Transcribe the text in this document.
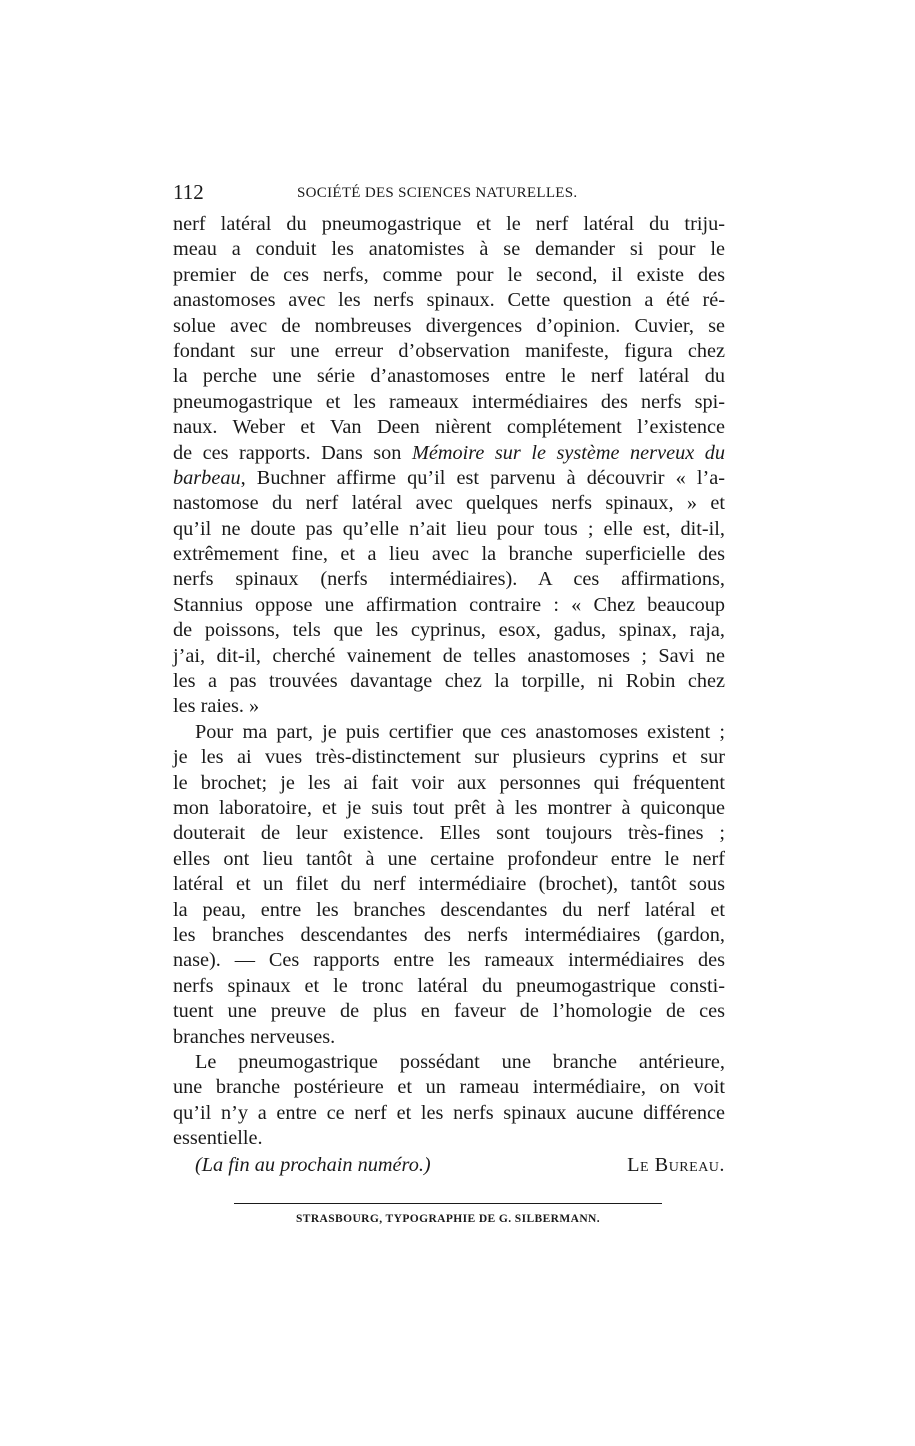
112	SOCIÉTÉ DES SCIENCES NATURELLES.
nerf latéral du pneumogastrique et le nerf latéral du triju-
meau a conduit les anatomistes à se demander si pour le
premier de ces nerfs, comme pour le second, il existe des
anastomoses avec les nerfs spinaux. Cette question a été ré-
solue avec de nombreuses divergences d’opinion. Cuvier, se
fondant sur une erreur d’observation manifeste, figura chez
la perche une série d’anastomoses entre le nerf latéral du
pneumogastrique et les rameaux intermédiaires des nerfs spi-
naux. Weber et Van Deen nièrent complétement l’existence
de ces rapports. Dans son Mémoire sur le système nerveux du
barbeau, Buchner affirme qu’il est parvenu à découvrir « l’a-
nastomose du nerf latéral avec quelques nerfs spinaux, » et
qu’il ne doute pas qu’elle n’ait lieu pour tous ; elle est, dit-il,
extrêmement fine, et a lieu avec la branche superficielle des
nerfs spinaux (nerfs intermédiaires). A ces affirmations,
Stannius oppose une affirmation contraire : « Chez beaucoup
de poissons, tels que les cyprinus, esox, gadus, spinax, raja,
j’ai, dit-il, cherché vainement de telles anastomoses ; Savi ne
les a pas trouvées davantage chez la torpille, ni Robin chez
les raies. »
Pour ma part, je puis certifier que ces anastomoses existent ;
je les ai vues très-distinctement sur plusieurs cyprins et sur
le brochet; je les ai fait voir aux personnes qui fréquentent
mon laboratoire, et je suis tout prêt à les montrer à quiconque
douterait de leur existence. Elles sont toujours très-fines ;
elles ont lieu tantôt à une certaine profondeur entre le nerf
latéral et un filet du nerf intermédiaire (brochet), tantôt sous
la peau, entre les branches descendantes du nerf latéral et
les branches descendantes des nerfs intermédiaires (gardon,
nase). — Ces rapports entre les rameaux intermédiaires des
nerfs spinaux et le tronc latéral du pneumogastrique consti-
tuent une preuve de plus en faveur de l’homologie de ces
branches nerveuses.
Le pneumogastrique possédant une branche antérieure,
une branche postérieure et un rameau intermédiaire, on voit
qu’il n’y a entre ce nerf et les nerfs spinaux aucune différence
essentielle.
(La fin au prochain numéro.)	Le Bureau.
STRASBOURG, TYPOGRAPHIE DE G. SILBERMANN.
